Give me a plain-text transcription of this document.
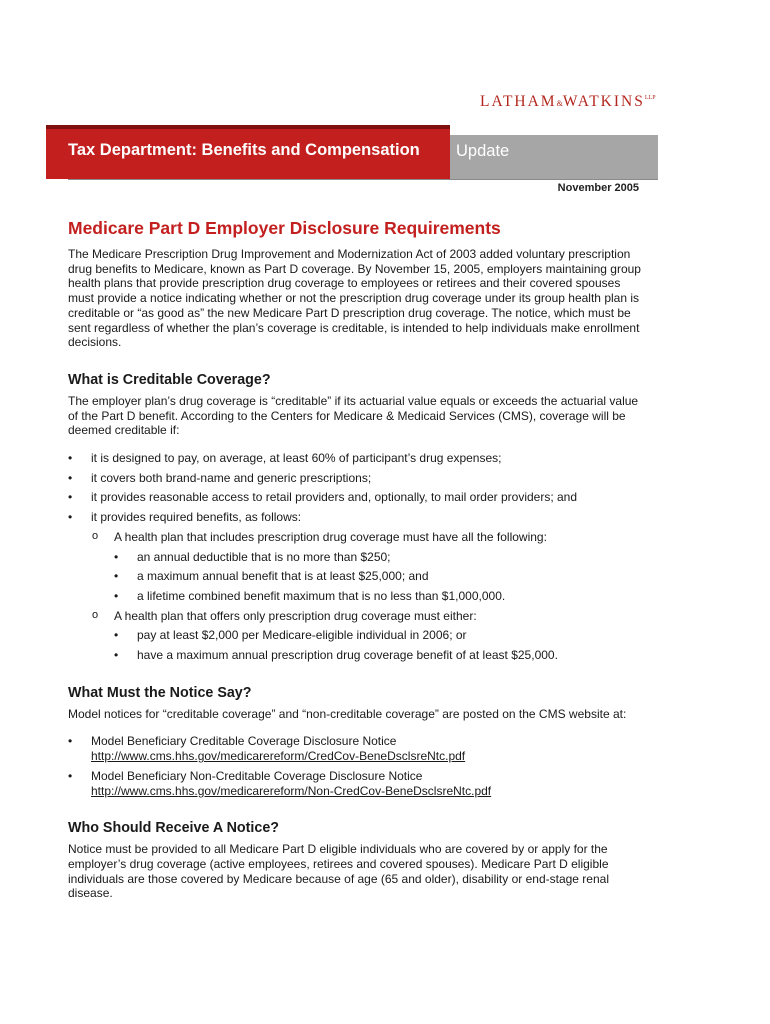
$LATHAM\&WATKINS^{LLP}$
Tax Department: Benefits and Compensation Update
November 2005
Medicare Part D Employer Disclosure Requirements

The Medicare Prescription Drug Improvement and Modernization Act of 2003 added voluntary prescription drug benefits to Medicare, known as Part D coverage. By November 15, 2005, employers maintaining group health plans that provide prescription drug coverage to employees or retirees and their covered spouses must provide a notice indicating whether or not the prescription drug coverage under its group health plan is creditable or “as good as” the new Medicare Part D prescription drug coverage. The notice, which must be sent regardless of whether the plan’s coverage is creditable, is intended to help individuals make enrollment decisions.

What is Creditable Coverage?

The employer plan’s drug coverage is “creditable” if its actuarial value equals or exceeds the actuarial value of the Part D benefit. According to the Centers for Medicare & Medicaid Services (CMS), coverage will be deemed creditable if:

• it is designed to pay, on average, at least 60% of participant’s drug expenses;
• it covers both brand-name and generic prescriptions;
• it provides reasonable access to retail providers and, optionally, to mail order providers; and
• it provides required benefits, as follows:
o A health plan that includes prescription drug coverage must have all the following:
• an annual deductible that is no more than $250;
• a maximum annual benefit that is at least $25,000; and
• a lifetime combined benefit maximum that is no less than $1,000,000.
o A health plan that offers only prescription drug coverage must either:
• pay at least $2,000 per Medicare-eligible individual in 2006; or
• have a maximum annual prescription drug coverage benefit of at least $25,000.
What Must the Notice Say?

Model notices for “creditable coverage” and “non-creditable coverage” are posted on the CMS website at:

• Model Beneficiary Creditable Coverage Disclosure Notice
http://www.cms.hhs.gov/medicarereform/CredCov-BeneDsclsreNtc.pdf
• Model Beneficiary Non-Creditable Coverage Disclosure Notice
http://www.cms.hhs.gov/medicarereform/Non-CredCov-BeneDsclsreNtc.pdf
Who Should Receive A Notice?

Notice must be provided to all Medicare Part D eligible individuals who are covered by or apply for the employer’s drug coverage (active employees, retirees and covered spouses). Medicare Part D eligible individuals are those covered by Medicare because of age (65 and older), disability or end-stage renal disease.
